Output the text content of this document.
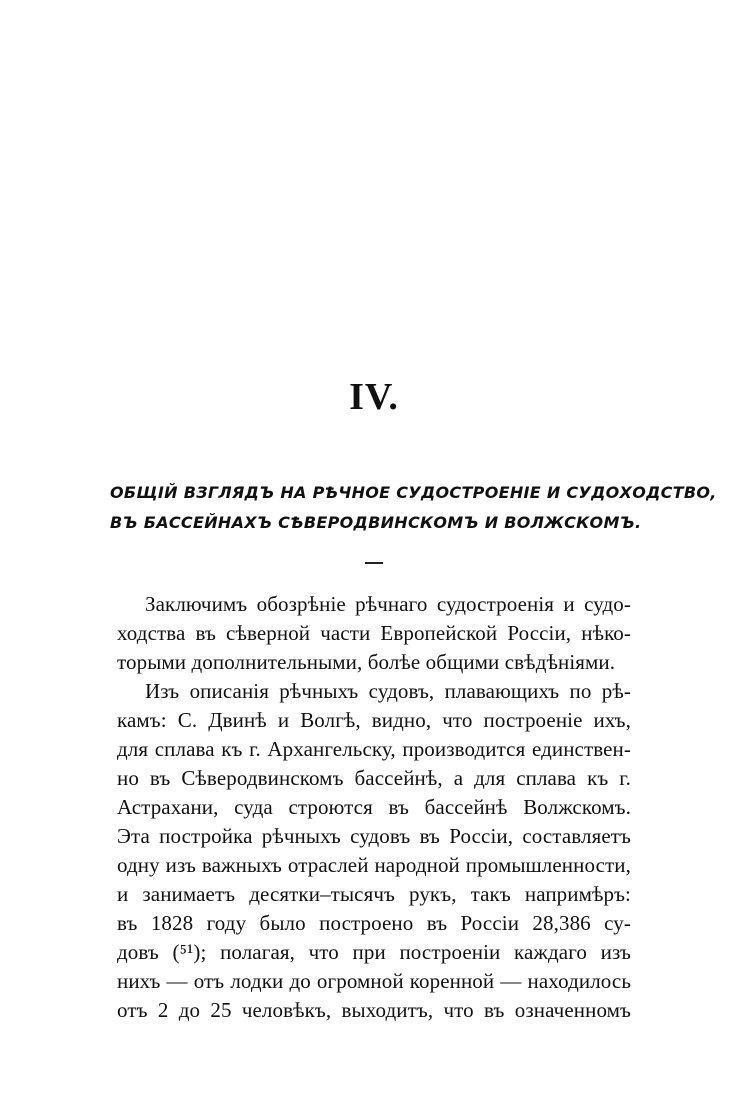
IV.
ОБЩІЙ ВЗГЛЯДЪ НА РѢЧНОЕ СУДОСТРОЕНІЕ И СУДОХОДСТВО,
ВЪ БАССЕЙНАХЪ СѢВЕРОДВИНСКОМЪ И ВОЛЖСКОМЪ.
Заключимъ обозрѣніе рѣчнаго судостроенія и судо-
ходства въ сѣверной части Европейской Россіи, нѣко-
торыми дополнительными, болѣе общими свѣдѣніями.
Изъ описанія рѣчныхъ судовъ, плавающихъ по рѣ-
камъ: С. Двинѣ и Волгѣ, видно, что построеніе ихъ,
для сплава къ г. Архангельску, производится единствен-
но въ Сѣверодвинскомъ бассейнѣ, а для сплава къ г.
Астрахани, суда строются въ бассейнѣ Волжскомъ.
Эта постройка рѣчныхъ судовъ въ Россіи, составляетъ
одну изъ важныхъ отраслей народной промышленности,
и занимаетъ десятки–тысячъ рукъ, такъ напримѣръ:
въ 1828 году было построено въ Россіи 28,386 су-
довъ (⁵¹); полагая, что при построеніи каждаго изъ
нихъ — отъ лодки до огромной коренной — находилось
отъ 2 до 25 человѣкъ, выходитъ, что въ означенномъ
